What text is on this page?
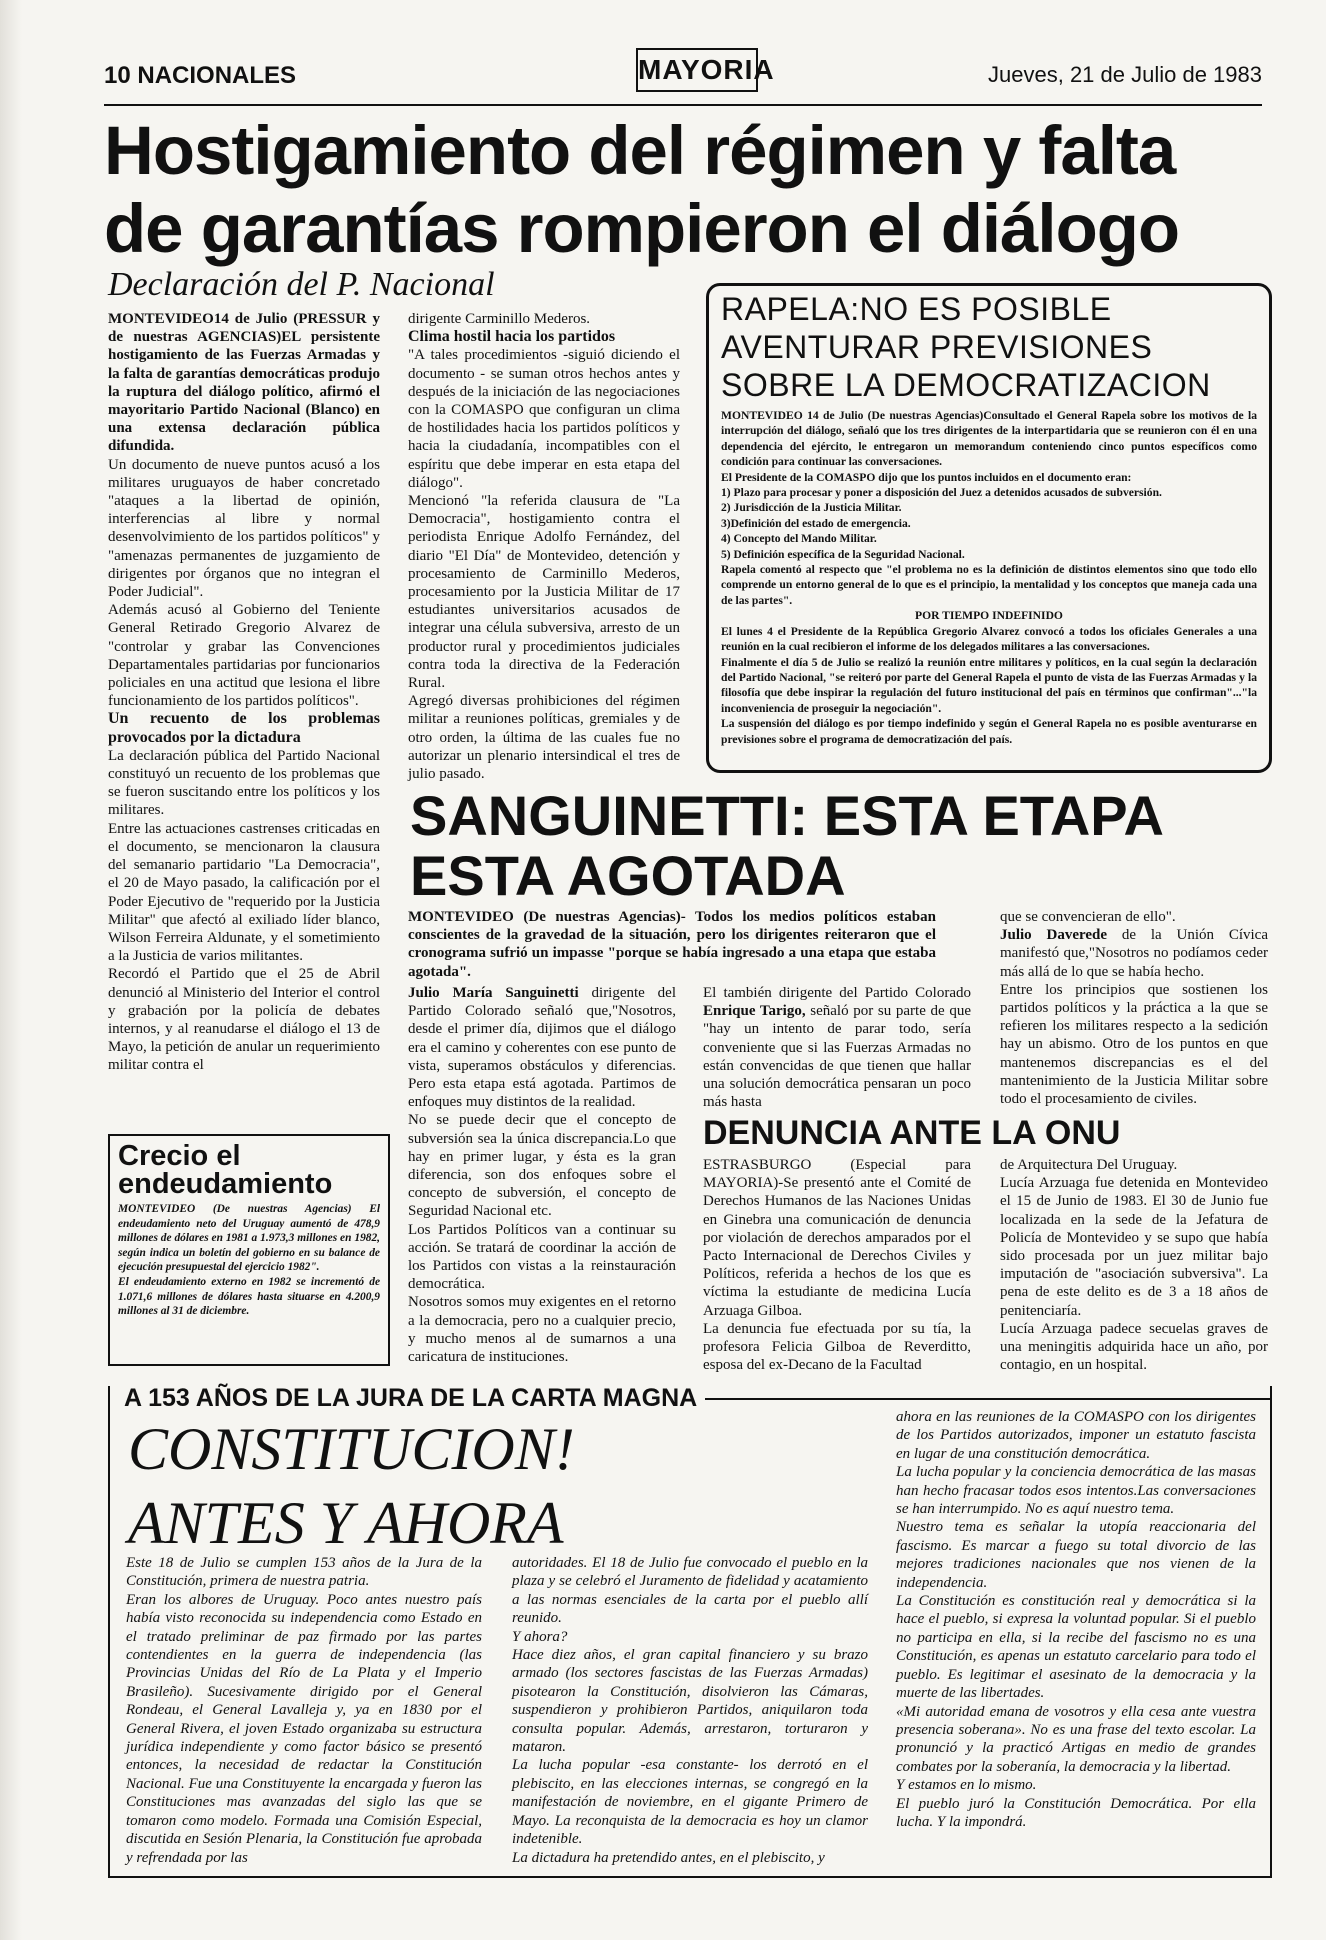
10 NACIONALES	MAYORIA	Jueves, 21 de Julio de 1983
Hostigamiento del régimen y falta de garantías rompieron el diálogo
Declaración del P. Nacional

MONTEVIDEO14 de Julio (PRESSUR y de nuestras AGENCIAS)EL persistente hostigamiento de las Fuerzas Armadas y la falta de garantías democráticas produjo la ruptura del diálogo político, afirmó el mayoritario Partido Nacional (Blanco) en una extensa declaración pública difundida.

Un documento de nueve puntos acusó a los militares uruguayos de haber concretado "ataques a la libertad de opinión, interferencias al libre y normal desenvolvimiento de los partidos políticos" y "amenazas permanentes de juzgamiento de dirigentes por órganos que no integran el Poder Judicial".

Además acusó al Gobierno del Teniente General Retirado Gregorio Alvarez de "controlar y grabar las Convenciones Departamentales partidarias por funcionarios policiales en una actitud que lesiona el libre funcionamiento de los partidos políticos".

Un recuento de los problemas provocados por la dictadura

La declaración pública del Partido Nacional constituyó un recuento de los problemas que se fueron suscitando entre los políticos y los militares.

Entre las actuaciones castrenses criticadas en el documento, se mencionaron la clausura del semanario partidario "La Democracia", el 20 de Mayo pasado, la calificación por el Poder Ejecutivo de "requerido por la Justicia Militar" que afectó al exiliado líder blanco, Wilson Ferreira Aldunate, y el sometimiento a la Justicia de varios militantes.

Recordó el Partido que el 25 de Abril denunció al Ministerio del Interior el control y grabación por la policía de debates internos, y al reanudarse el diálogo el 13 de Mayo, la petición de anular un requerimiento militar contra el

dirigente Carminillo Mederos.

Clima hostil hacia los partidos

"A tales procedimientos -siguió diciendo el documento - se suman otros hechos antes y después de la iniciación de las negociaciones con la COMASPO que configuran un clima de hostilidades hacia los partidos políticos y hacia la ciudadanía, incompatibles con el espíritu que debe imperar en esta etapa del diálogo".

Mencionó "la referida clausura de "La Democracia", hostigamiento contra el periodista Enrique Adolfo Fernández, del diario "El Día" de Montevideo, detención y procesamiento de Carminillo Mederos, procesamiento por la Justicia Militar de 17 estudiantes universitarios acusados de integrar una célula subversiva, arresto de un productor rural y procedimientos judiciales contra toda la directiva de la Federación Rural.

Agregó diversas prohibiciones del régimen militar a reuniones políticas, gremiales y de otro orden, la última de las cuales fue no autorizar un plenario intersindical el tres de julio pasado.

RAPELA:NO ES POSIBLE AVENTURAR PREVISIONES SOBRE LA DEMOCRATIZACION

MONTEVIDEO 14 de Julio (De nuestras Agencias)Consultado el General Rapela sobre los motivos de la interrupción del diálogo, señaló que los tres dirigentes de la interpartidaria que se reunieron con él en una dependencia del ejército, le entregaron un memorandum conteniendo cinco puntos específicos como condición para continuar las conversaciones.

El Presidente de la COMASPO dijo que los puntos incluidos en el documento eran:

1) Plazo para procesar y poner a disposición del Juez a detenidos acusados de subversión.

2) Jurisdicción de la Justicia Militar.

3)Definición del estado de emergencia.

4) Concepto del Mando Militar.

5) Definición específica de la Seguridad Nacional.

Rapela comentó al respecto que "el problema no es la definición de distintos elementos sino que todo ello comprende un entorno general de lo que es el principio, la mentalidad y los conceptos que maneja cada una de las partes".

POR TIEMPO INDEFINIDO

El lunes 4 el Presidente de la República Gregorio Alvarez convocó a todos los oficiales Generales a una reunión en la cual recibieron el informe de los delegados militares a las conversaciones.

Finalmente el día 5 de Julio se realizó la reunión entre militares y políticos, en la cual según la declaración del Partido Nacional, "se reiteró por parte del General Rapela el punto de vista de las Fuerzas Armadas y la filosofía que debe inspirar la regulación del futuro institucional del país en términos que confirman"..."la inconveniencia de proseguir la negociación".

La suspensión del diálogo es por tiempo indefinido y según el General Rapela no es posible aventurarse en previsiones sobre el programa de democratización del país.

SANGUINETTI: ESTA ETAPA ESTA AGOTADA
MONTEVIDEO (De nuestras Agencias)- Todos los medios políticos estaban conscientes de la gravedad de la situación, pero los dirigentes reiteraron que el cronograma sufrió un impasse "porque se había ingresado a una etapa que estaba agotada".

Julio María Sanguinetti dirigente del Partido Colorado señaló que,"Nosotros, desde el primer día, dijimos que el diálogo era el camino y coherentes con ese punto de vista, superamos obstáculos y diferencias. Pero esta etapa está agotada. Partimos de enfoques muy distintos de la realidad.

No se puede decir que el concepto de subversión sea la única discrepancia.Lo que hay en primer lugar, y ésta es la gran diferencia, son dos enfoques sobre el concepto de subversión, el concepto de Seguridad Nacional etc.

Los Partidos Políticos van a continuar su acción. Se tratará de coordinar la acción de los Partidos con vistas a la reinstauración democrática.

Nosotros somos muy exigentes en el retorno a la democracia, pero no a cualquier precio, y mucho menos al de sumarnos a una caricatura de instituciones.

El también dirigente del Partido Colorado Enrique Tarigo, señaló por su parte de que "hay un intento de parar todo, sería conveniente que si las Fuerzas Armadas no están convencidas de que tienen que hallar una solución democrática pensaran un poco más hasta

que se convencieran de ello".

Julio Daverede de la Unión Cívica manifestó que,"Nosotros no podíamos ceder más allá de lo que se había hecho.

Entre los principios que sostienen los partidos políticos y la práctica a la que se refieren los militares respecto a la sedición hay un abismo. Otro de los puntos en que mantenemos discrepancias es el del mantenimiento de la Justicia Militar sobre todo el procesamiento de civiles.

Crecio el endeudamiento

MONTEVIDEO (De nuestras Agencias) El endeudamiento neto del Uruguay aumentó de 478,9 millones de dólares en 1981 a 1.973,3 millones en 1982, según indica un boletín del gobierno en su balance de ejecución presupuestal del ejercicio 1982".

El endeudamiento externo en 1982 se incrementó de 1.071,6 millones de dólares hasta situarse en 4.200,9 millones al 31 de diciembre.

DENUNCIA ANTE LA ONU

ESTRASBURGO (Especial para MAYORIA)-Se presentó ante el Comité de Derechos Humanos de las Naciones Unidas en Ginebra una comunicación de denuncia por violación de derechos amparados por el Pacto Internacional de Derechos Civiles y Políticos, referida a hechos de los que es víctima la estudiante de medicina Lucía Arzuaga Gilboa.

La denuncia fue efectuada por su tía, la profesora Felicia Gilboa de Reverditto, esposa del ex-Decano de la Facultad

de Arquitectura Del Uruguay.

Lucía Arzuaga fue detenida en Montevideo el 15 de Junio de 1983. El 30 de Junio fue localizada en la sede de la Jefatura de Policía de Montevideo y se supo que había sido procesada por un juez militar bajo imputación de "asociación subversiva". La pena de este delito es de 3 a 18 años de penitenciaría.

Lucía Arzuaga padece secuelas graves de una meningitis adquirida hace un año, por contagio, en un hospital.

A 153 AÑOS DE LA JURA DE LA CARTA MAGNA
CONSTITUCION!
ANTES Y AHORA

Este 18 de Julio se cumplen 153 años de la Jura de la Constitución, primera de nuestra patria.

Eran los albores de Uruguay. Poco antes nuestro país había visto reconocida su independencia como Estado en el tratado preliminar de paz firmado por las partes contendientes en la guerra de independencia (las Provincias Unidas del Río de La Plata y el Imperio Brasileño). Sucesivamente dirigido por el General Rondeau, el General Lavalleja y, ya en 1830 por el General Rivera, el joven Estado organizaba su estructura jurídica independiente y como factor básico se presentó entonces, la necesidad de redactar la Constitución Nacional. Fue una Constituyente la encargada y fueron las Constituciones mas avanzadas del siglo las que se tomaron como modelo. Formada una Comisión Especial, discutida en Sesión Plenaria, la Constitución fue aprobada y refrendada por las

autoridades. El 18 de Julio fue convocado el pueblo en la plaza y se celebró el Juramento de fidelidad y acatamiento a las normas esenciales de la carta por el pueblo allí reunido.

Y ahora?

Hace diez años, el gran capital financiero y su brazo armado (los sectores fascistas de las Fuerzas Armadas) pisotearon la Constitución, disolvieron las Cámaras, suspendieron y prohibieron Partidos, aniquilaron toda consulta popular. Además, arrestaron, torturaron y mataron.

La lucha popular -esa constante- los derrotó en el plebiscito, en las elecciones internas, se congregó en la manifestación de noviembre, en el gigante Primero de Mayo. La reconquista de la democracia es hoy un clamor indetenible.

La dictadura ha pretendido antes, en el plebiscito, y

ahora en las reuniones de la COMASPO con los dirigentes de los Partidos autorizados, imponer un estatuto fascista en lugar de una constitución democrática.

La lucha popular y la conciencia democrática de las masas han hecho fracasar todos esos intentos.Las conversaciones se han interrumpido. No es aquí nuestro tema.

Nuestro tema es señalar la utopía reaccionaria del fascismo. Es marcar a fuego su total divorcio de las mejores tradiciones nacionales que nos vienen de la independencia.

La Constitución es constitución real y democrática si la hace el pueblo, si expresa la voluntad popular. Si el pueblo no participa en ella, si la recibe del fascismo no es una Constitución, es apenas un estatuto carcelario para todo el pueblo. Es legitimar el asesinato de la democracia y la muerte de las libertades.

«Mi autoridad emana de vosotros y ella cesa ante vuestra presencia soberana». No es una frase del texto escolar. La pronunció y la practicó Artigas en medio de grandes combates por la soberanía, la democracia y la libertad.

Y estamos en lo mismo.

El pueblo juró la Constitución Democrática. Por ella lucha. Y la impondrá.
